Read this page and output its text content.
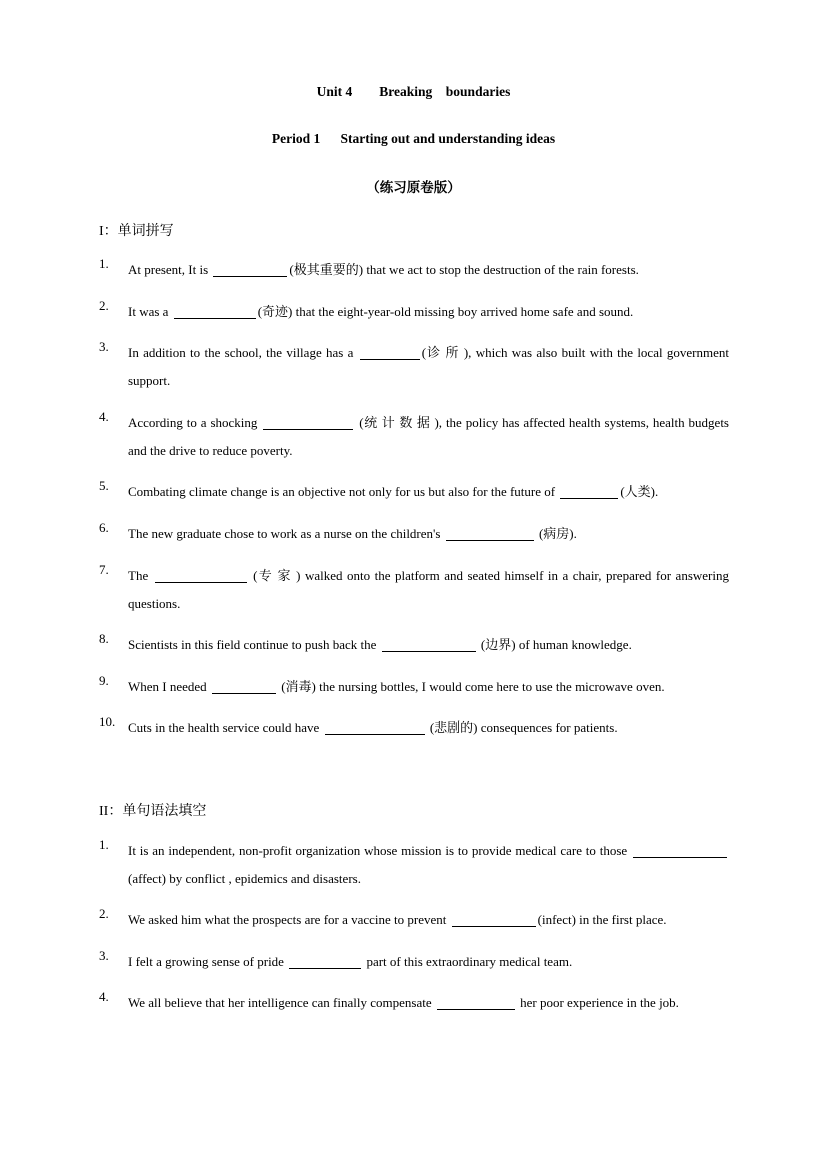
Unit 4        Breaking    boundaries
Period 1      Starting out and understanding ideas
（练习原卷版）
I：单词拼写
1. At present, It is	(极其重要的) that we act to stop the destruction of the rain forests.
2. It was a	(奇迹) that the eight-year-old missing boy arrived home safe and sound.
3. In addition to the school, the village has a	(诊 所 ), which was also built with the local government support.
4. According to a shocking	(统 计 数 据 ), the policy has affected health systems, health budgets and the drive to reduce poverty.
5. Combating climate change is an objective not only for us but also for the future of	(人类).
6. The new graduate chose to work as a nurse on the children's	(病房).
7. The	(专 家 ) walked onto the platform and seated himself in a chair, prepared for answering questions.
8. Scientists in this field continue to push back the	(边界) of human knowledge.
9. When I needed	(消毒) the nursing bottles, I would come here to use the microwave oven.
10. Cuts in the health service could have	(悲剧的) consequences for patients.
II：单句语法填空
1. It is an independent, non-profit organization whose mission is to provide medical care to those  (affect) by conflict , epidemics and disasters.
2. We asked him what the prospects are for a vaccine to prevent	(infect) in the first place.
3. I felt a growing sense of pride	part of this extraordinary medical team.
4. We all believe that her intelligence can finally compensate	her poor experience in the job.
